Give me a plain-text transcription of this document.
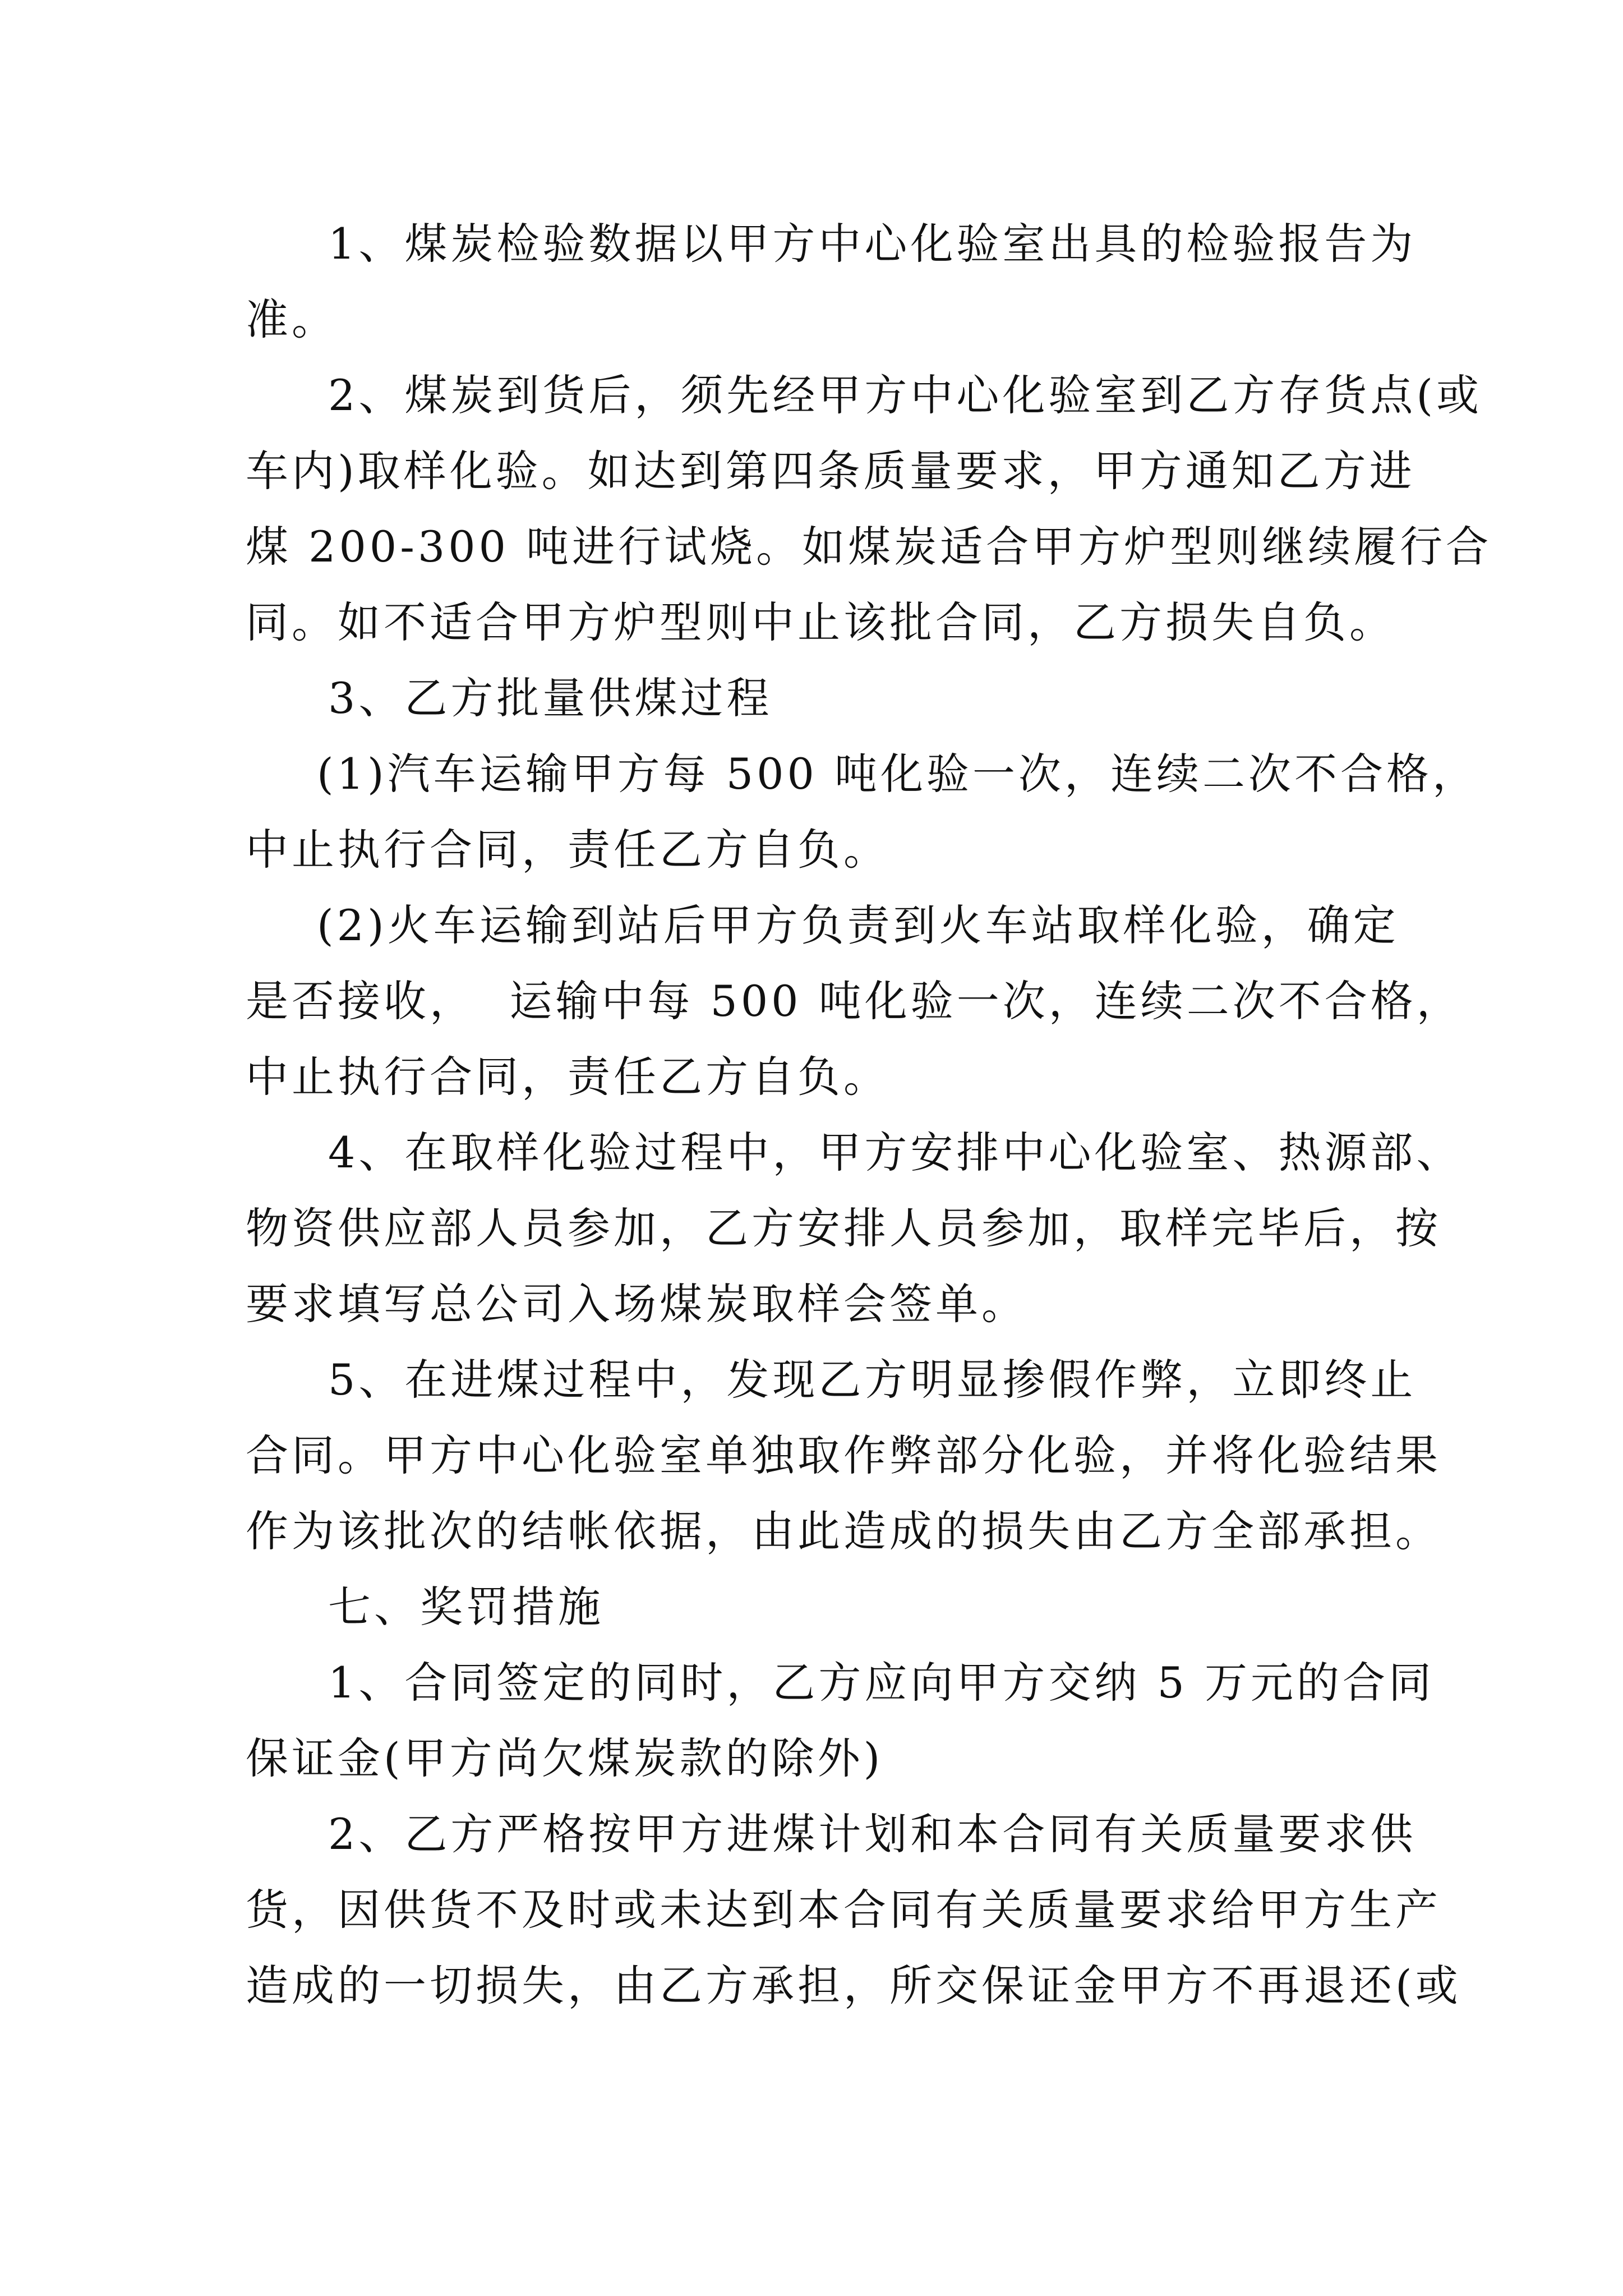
1、煤炭检验数据以甲方中心化验室出具的检验报告为
准。
2、煤炭到货后，须先经甲方中心化验室到乙方存货点(或
车内)取样化验。如达到第四条质量要求，甲方通知乙方进
煤 200-300 吨进行试烧。如煤炭适合甲方炉型则继续履行合
同。如不适合甲方炉型则中止该批合同，乙方损失自负。
3、乙方批量供煤过程
(1)汽车运输甲方每 500 吨化验一次，连续二次不合格，
中止执行合同，责任乙方自负。
(2)火车运输到站后甲方负责到火车站取样化验，确定
是否接收，  运输中每 500 吨化验一次，连续二次不合格，
中止执行合同，责任乙方自负。
4、在取样化验过程中，甲方安排中心化验室、热源部、
物资供应部人员参加，乙方安排人员参加，取样完毕后，按
要求填写总公司入场煤炭取样会签单。
5、在进煤过程中，发现乙方明显掺假作弊，立即终止
合同。甲方中心化验室单独取作弊部分化验，并将化验结果
作为该批次的结帐依据，由此造成的损失由乙方全部承担。
七、奖罚措施
1、合同签定的同时，乙方应向甲方交纳 5 万元的合同
保证金(甲方尚欠煤炭款的除外)
2、乙方严格按甲方进煤计划和本合同有关质量要求供
货，因供货不及时或未达到本合同有关质量要求给甲方生产
造成的一切损失，由乙方承担，所交保证金甲方不再退还(或
